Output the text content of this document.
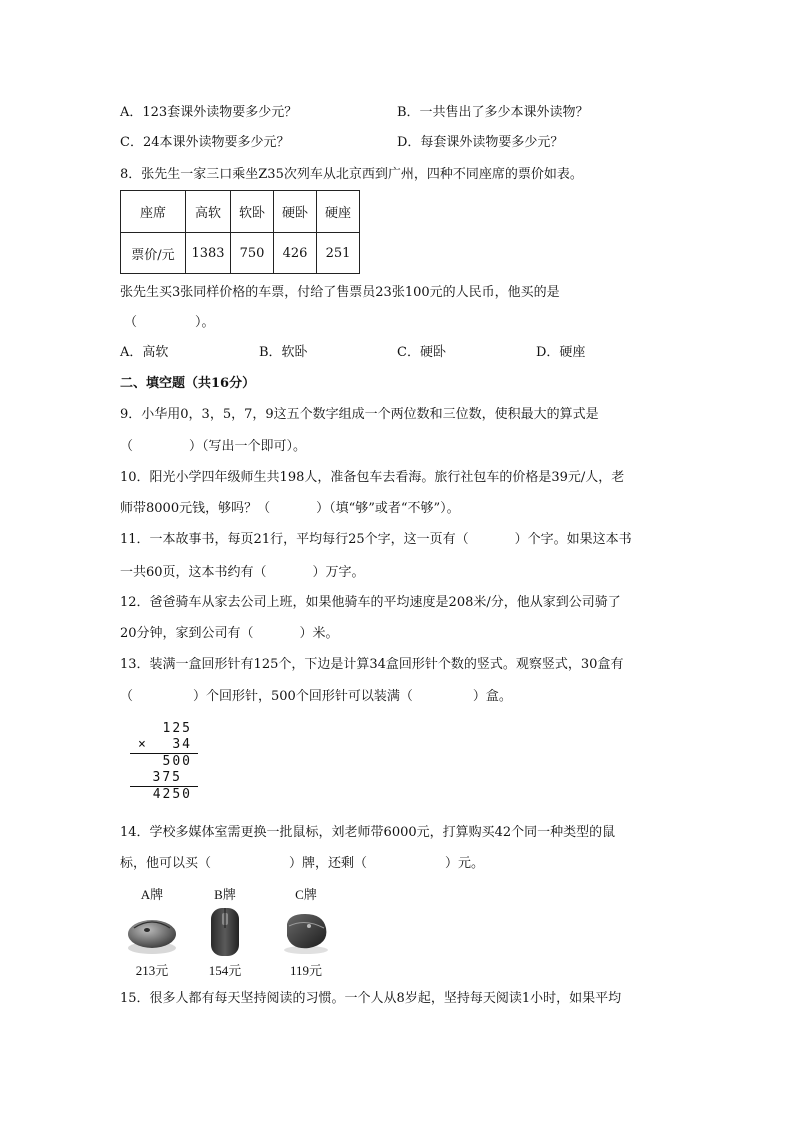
A．123套课外读物要多少元？	B．一共售出了多少本课外读物？
C．24本课外读物要多少元？	D．每套课外读物要多少元？
8．张先生一家三口乘坐Z35次列车从北京西到广州，四种不同座席的票价如表。
座席	高软	软卧	硬卧	硬座
票价/元	1383	750	426	251
张先生买3张同样价格的车票，付给了售票员23张100元的人民币，他买的是
（	）。
A．高软	B．软卧	C．硬卧	D．硬座
二、填空题（共16分）
9．小华用0，3，5，7，9这五个数字组成一个两位数和三位数，使积最大的算式是
（	）（写出一个即可）。
10．阳光小学四年级师生共198人，准备包车去看海。旅行社包车的价格是39元/人，老
师带8000元钱，够吗？（	）（填“够”或者“不够”）。
11．一本故事书，每页21行，平均每行25个字，这一页有（	）个字。如果这本书
一共60页，这本书约有（	）万字。
12．爸爸骑车从家去公司上班，如果他骑车的平均速度是208米/分，他从家到公司骑了
20分钟，家到公司有（	）米。
13．装满一盒回形针有125个，下边是计算34盒回形针个数的竖式。观察竖式，30盒有
（	）个回形针，500个回形针可以装满（	）盒。
125
× 34
500
375
4250
14．学校多媒体室需更换一批鼠标，刘老师带6000元，打算购买42个同一种类型的鼠
标，他可以买（	）牌，还剩（	）元。
A牌
213元
B牌
154元
C牌
119元
15．很多人都有每天坚持阅读的习惯。一个人从8岁起，坚持每天阅读1小时，如果平均
